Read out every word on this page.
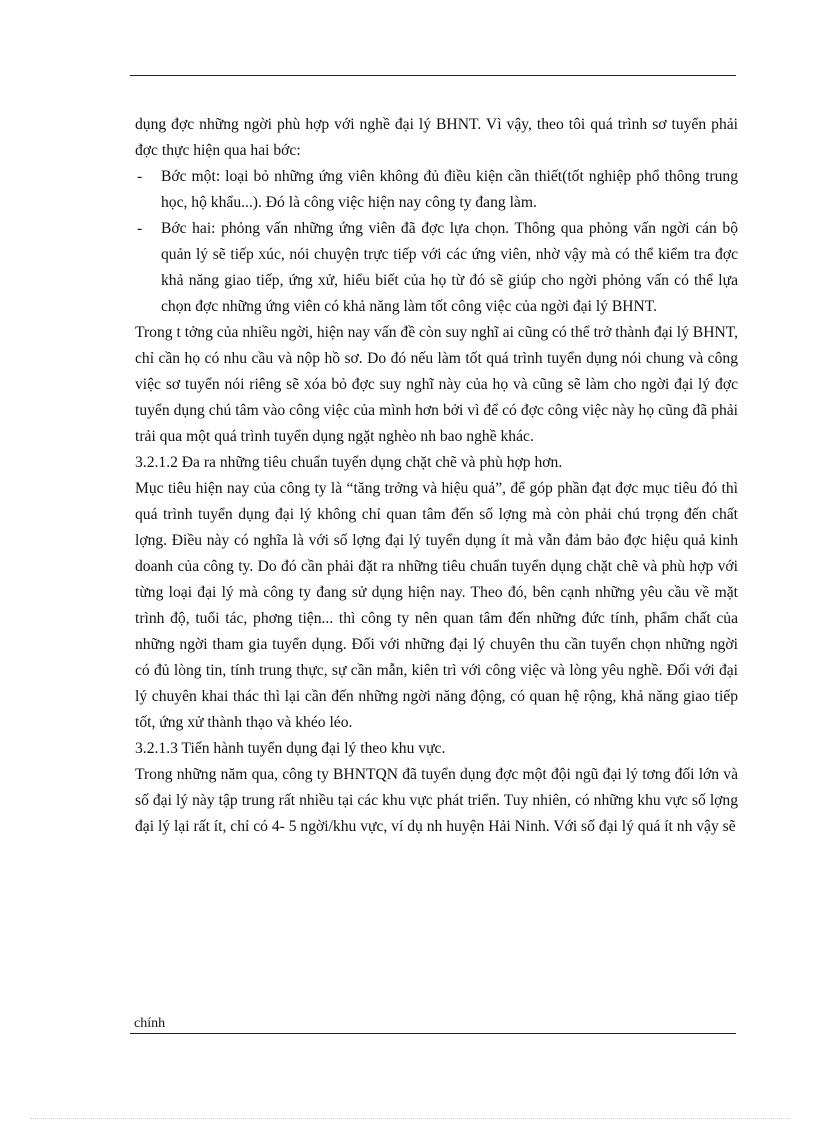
dụng đợc những ngời phù hợp với nghề đại lý BHNT. Vì vậy, theo tôi quá trình sơ tuyển phải đợc thực hiện qua hai bớc:

- Bớc một: loại bỏ những ứng viên không đủ điều kiện cần thiết(tốt nghiệp phổ thông trung học, hộ khẩu...). Đó là công việc hiện nay công ty đang làm.
- Bớc hai: phỏng vấn những ứng viên đã đợc lựa chọn. Thông qua phỏng vấn ngời cán bộ quản lý sẽ tiếp xúc, nói chuyện trực tiếp với các ứng viên, nhờ vậy mà có thể kiểm tra đợc khả năng giao tiếp, ứng xử, hiểu biết của họ từ đó sẽ giúp cho ngời phỏng vấn có thể lựa chọn đợc những ứng viên có khả năng làm tốt công việc của ngời đại lý BHNT.

Trong t tởng của nhiều ngời, hiện nay vấn đề còn suy nghĩ ai cũng có thể trở thành đại lý BHNT, chỉ cần họ có nhu cầu và nộp hồ sơ. Do đó nếu làm tốt quá trình tuyển dụng nói chung và công việc sơ tuyển nói riêng sẽ xóa bỏ đợc suy nghĩ này của họ và cũng sẽ làm cho ngời đại lý đợc tuyển dụng chú tâm vào công việc của mình hơn bởi vì để có đợc công việc này họ cũng đã phải trải qua một quá trình tuyển dụng ngặt nghèo nh bao nghề khác.

3.2.1.2 Đa ra những tiêu chuẩn tuyển dụng chặt chẽ và phù hợp hơn.

Mục tiêu hiện nay của công ty là “tăng trởng và hiệu quả”, để góp phần đạt đợc mục tiêu đó thì quá trình tuyển dụng đại lý không chỉ quan tâm đến số lợng mà còn phải chú trọng đến chất lợng. Điều này có nghĩa là với số lợng đại lý tuyển dụng ít mà vẫn đảm bảo đợc hiệu quả kinh doanh của công ty. Do đó cần phải đặt ra những tiêu chuẩn tuyển dụng chặt chẽ và phù hợp với từng loại đại lý mà công ty đang sử dụng hiện nay. Theo đó, bên cạnh những yêu cầu về mặt trình độ, tuổi tác, phơng tiện... thì công ty nên quan tâm đến những đức tính, phẩm chất của những ngời tham gia tuyển dụng. Đối với những đại lý chuyên thu cần tuyển chọn những ngời có đủ lòng tin, tính trung thực, sự cần mẫn, kiên trì với công việc và lòng yêu nghề. Đối với đại lý chuyên khai thác thì lại cần đến những ngời năng động, có quan hệ rộng, khả năng giao tiếp tốt, ứng xử thành thạo và khéo léo.

3.2.1.3 Tiến hành tuyển dụng đại lý theo khu vực.

Trong những năm qua, công ty BHNTQN đã tuyển dụng đợc một đội ngũ đại lý tơng đối lớn và số đại lý này tập trung rất nhiều tại các khu vực phát triển. Tuy nhiên, có những khu vực số lợng đại lý lại rất ít, chỉ có 4- 5 ngời/khu vực, ví dụ nh huyện Hải Ninh. Với số đại lý quá ít nh vậy sẽ

chính
